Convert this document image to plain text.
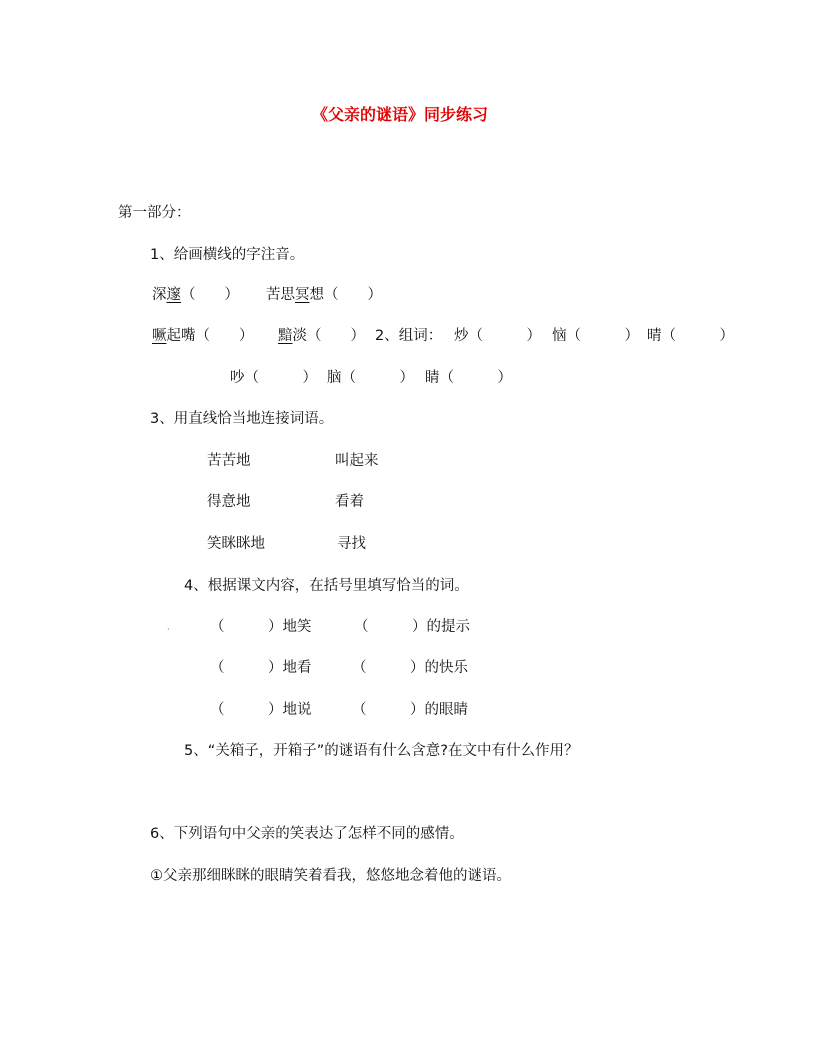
《父亲的谜语》同步练习
第一部分：
1、给画横线的字注音。
深邃（　　） 苦思冥想（　　）
噘起嘴（　　） 黯淡（　　） 2、组词： 炒（　　　） 恼（　　　） 晴（　　　）
吵（　　　） 脑（　　　） 睛（　　　）
3、用直线恰当地连接词语。
苦苦地	叫起来
得意地	看着
笑眯眯地	寻找
4、根据课文内容，在括号里填写恰当的词。
·	（　　　）地笑	（　　　）的提示
（　　　）地看	（　　　）的快乐
（　　　）地说	（　　　）的眼睛
5、“关箱子，开箱子”的谜语有什么含意?在文中有什么作用？
6、下列语句中父亲的笑表达了怎样不同的感情。
①父亲那细眯眯的眼睛笑着看我，悠悠地念着他的谜语。
